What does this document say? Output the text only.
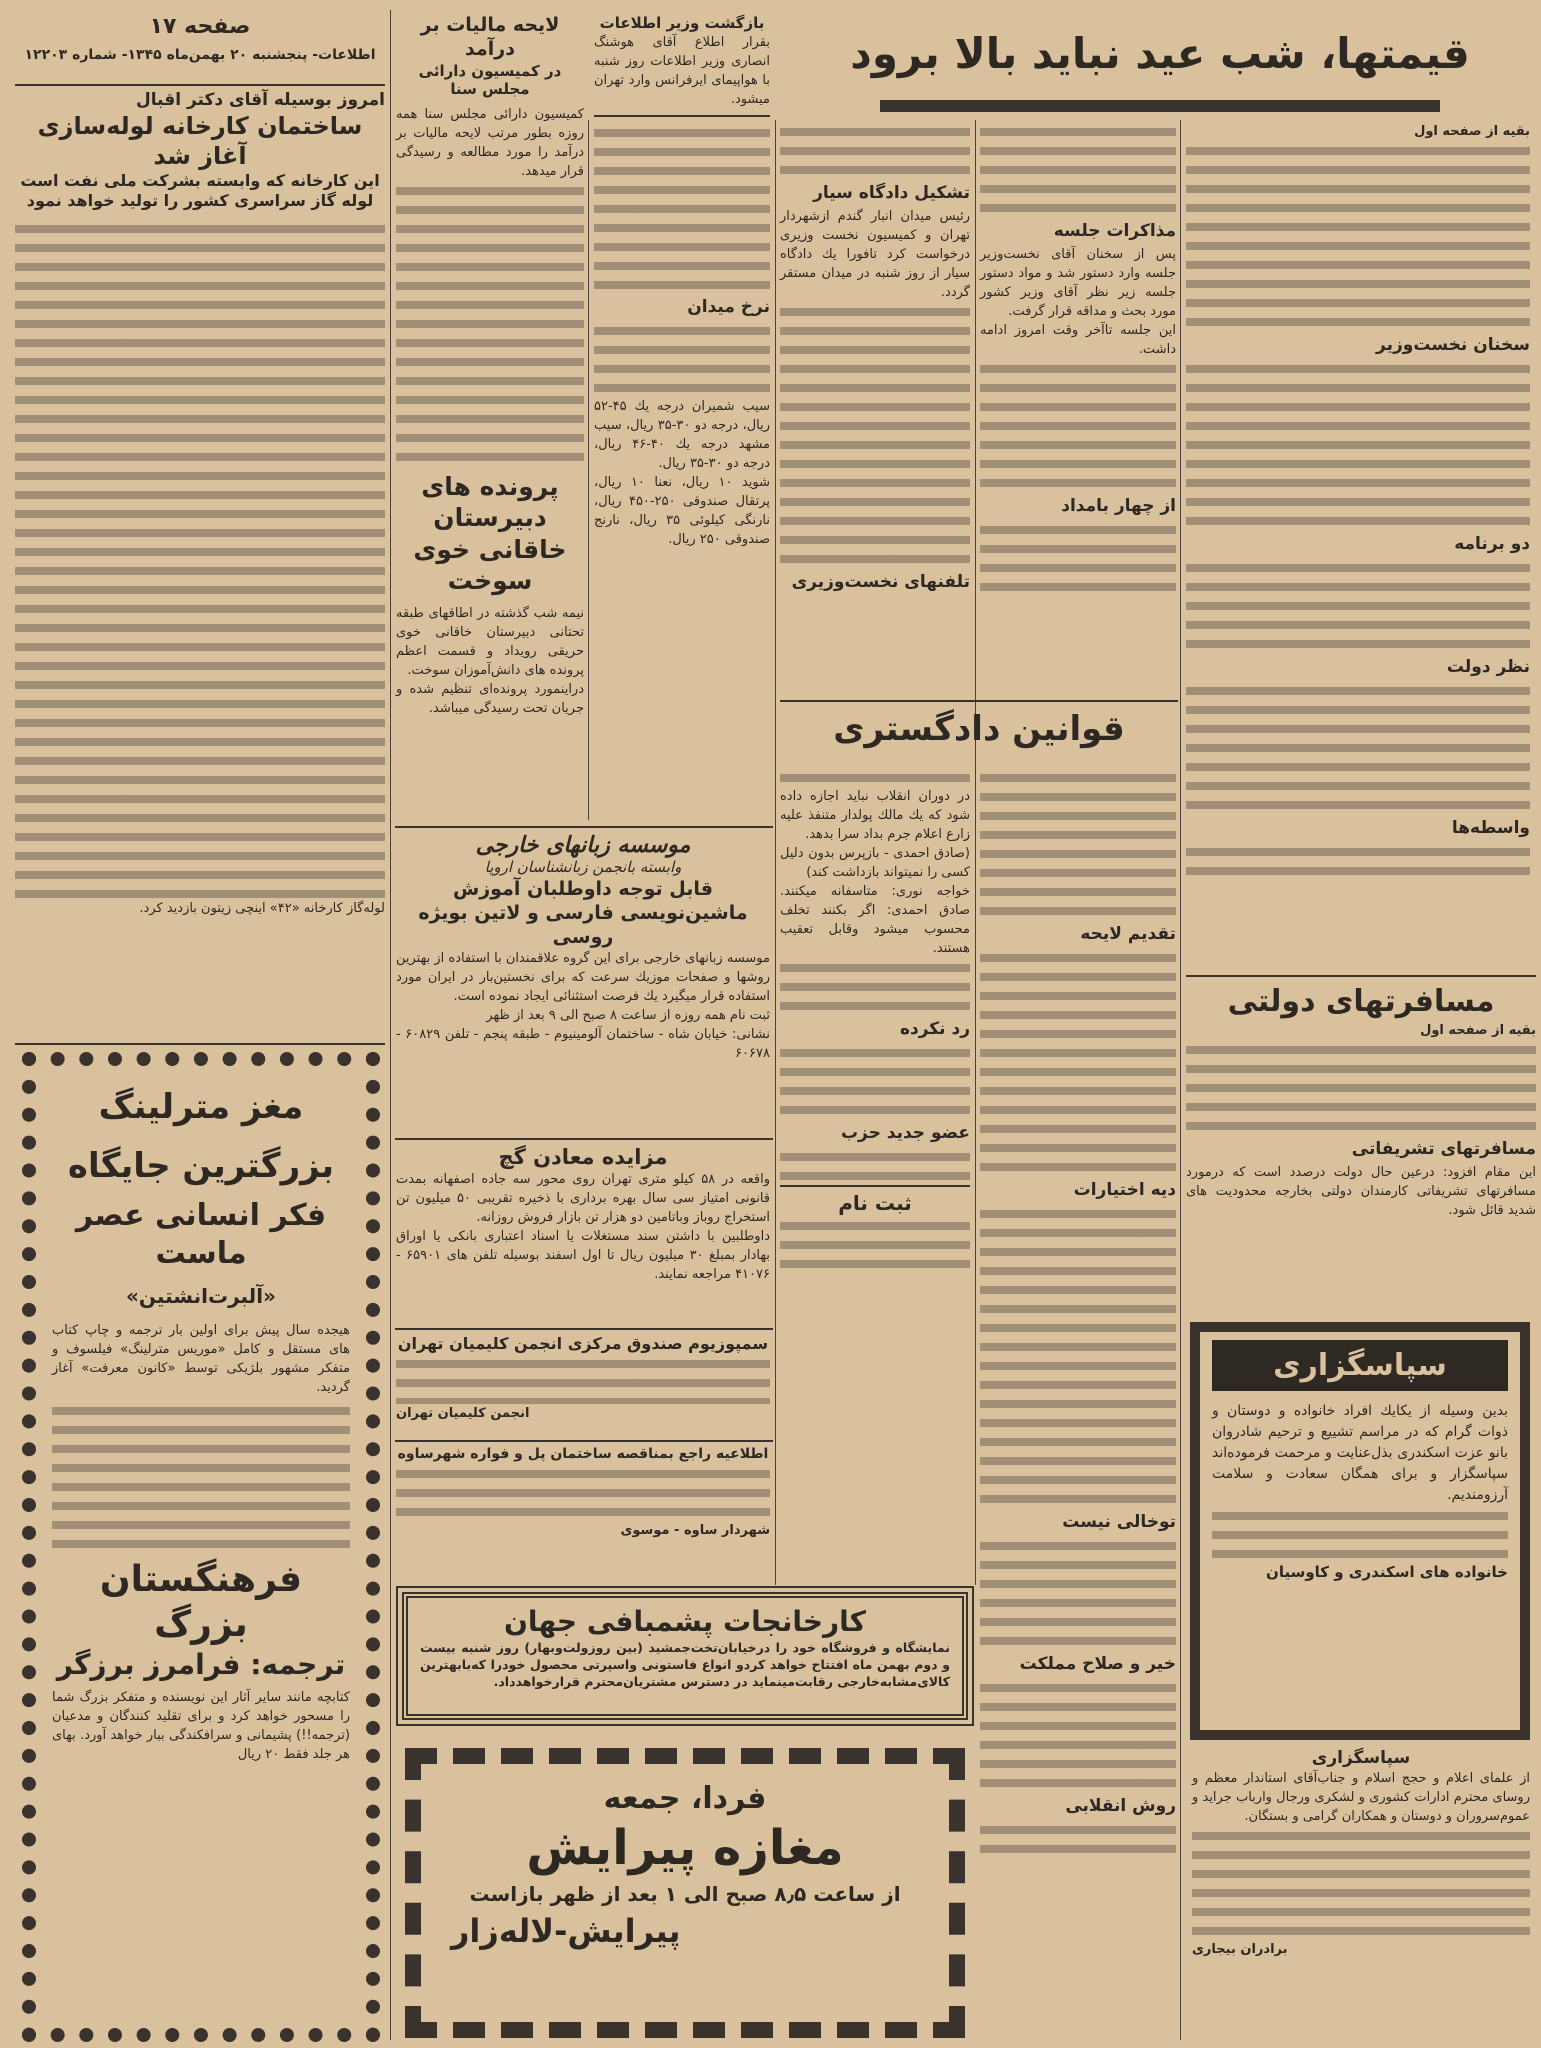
صفحه ۱۷
اطلاعات- پنجشنبه ۲۰ بهمن‌ماه ۱۳۴۵- شماره ۱۲۲۰۳
امروز بوسیله آقای دکتر اقبال
ساختمان کارخانه لوله‌سازی آغاز شد
این کارخانه که وابسته بشرکت ملی نفت است لوله گاز سراسری کشور را تولید خواهد نمود
لوله‌گاز کارخانه «۴۲» اینچی زیتون بازدید کرد.
مغز مترلینگ
بزرگترین جایگاه
فکر انسانی عصر ماست
«آلبرت‌انشتین»
هیجده سال پیش برای اولین بار ترجمه و چاپ کتاب های مستقل و کامل «موریس مترلینگ» فیلسوف و متفکر مشهور بلژیکی توسط «کانون معرفت» آغاز گردید.
فرهنگستان بزرگ
ترجمه: فرامرز برزگر
کتابچه مانند سایر آثار این نویسنده و متفکر بزرگ شما را مسحور خواهد کرد و برای تقلید کنندگان و مدعیان (ترجمه!!) پشیمانی و سرافکندگی ببار خواهد آورد. بهای هر جلد فقط ۲۰ ریال
لایحه مالیات بر درآمد
در کمیسیون دارائی مجلس سنا
کمیسیون دارائی مجلس سنا همه روزه بطور مرتب لایحه مالیات بر درآمد را مورد مطالعه و رسیدگی قرار میدهد.
پرونده های دبیرستان خاقانی خوی سوخت
نیمه شب گذشته در اطاقهای طبقه تحتانی دبیرستان خاقانی خوی حریقی رویداد و قسمت اعظم پرونده های دانش‌آموزان سوخت.
دراینمورد پرونده‌ای تنظیم شده و جریان تحت رسیدگی میباشد.
بازگشت وزیر اطلاعات
بقرار اطلاع آقای هوشنگ انصاری وزیر اطلاعات روز شنبه با هواپیمای ایرفرانس وارد تهران میشود.
نرخ میدان
سیب شمیران درجه یك ۴۵-۵۲ ریال، درجه دو ۳۰-۳۵ ریال، سیب مشهد درجه یك ۴۰-۴۶ ریال، درجه دو ۳۰-۳۵ ریال.
شوید ۱۰ ریال، نعنا ۱۰ ریال، پرتقال صندوقی ۲۵۰-۴۵۰ ریال، نارنگی کیلوئی ۳۵ ریال، نارنج صندوقی ۲۵۰ ریال.
موسسه زبانهای خارجی
وابسته بانجمن زبانشناسان اروپا
قابل توجه داوطلبان آموزش ماشین‌نویسی فارسی و لاتین بویژه روسی
موسسه زبانهای خارجی برای این گروه علاقمندان با استفاده از بهترین روشها و صفحات موزیك سرعت که برای نخستین‌بار در ایران مورد استفاده قرار میگیرد یك فرصت استثنائی ایجاد نموده است.
ثبت نام همه روزه از ساعت ۸ صبح الی ۹ بعد از ظهر
نشانی: خیابان شاه - ساختمان آلومینیوم - طبقه پنجم - تلفن ۶۰۸۲۹ - ۶۰۶۷۸
مزایده معادن گچ
واقعه در ۵۸ کیلو متری تهران روی محور سه جاده اصفهانه بمدت قانونی امتیاز سی سال بهره برداری با ذخیره تقریبی ۵۰ میلیون تن استخراج روباز وباتامین دو هزار تن بازار فروش روزانه.
داوطلبین با داشتن سند مستغلات یا اسناد اعتباری بانکی یا اوراق بهادار بمبلغ ۳۰ میلیون ریال تا اول اسفند بوسیله تلفن های ۶۵۹۰۱ - ۴۱۰۷۶ مراجعه نمایند.
سمپوزیوم صندوق مرکزی انجمن کلیمیان تهران
انجمن کلیمیان تهران
اطلاعیه راجع بمناقصه ساختمان پل و فواره شهرساوه
شهردار ساوه - موسوی
قیمتها، شب عید نباید بالا برود
تشکیل دادگاه سیار
رئیس میدان انبار گندم ازشهردار تهران و کمیسیون نخست وزیری درخواست کرد تافورا یك دادگاه سیار از روز شنبه در میدان مستقر گردد.
تلفنهای نخست‌وزیری
مذاکرات جلسه
پس از سخنان آقای نخست‌وزیر جلسه وارد دستور شد و مواد دستور جلسه زیر نظر آقای وزیر کشور مورد بحث و مداقه قرار گرفت.
این جلسه تاآخر وقت امروز ادامه داشت.
از چهار بامداد
بقیه از صفحه اول
سخنان نخست‌وزیر
دو برنامه
نظر دولت
واسطه‌ها
قوانین دادگستری
در دوران انقلاب نباید اجازه داده شود که یك مالك پولدار متنفذ علیه زارع اعلام جرم بداد سرا بدهد.
(صادق احمدی - بازپرس بدون دلیل کسی را نمیتواند بازداشت کند)
خواجه نوری: متاسفانه میکنند. صادق احمدی: اگر بکنند تخلف محسوب میشود وقابل تعقیب هستند.
رد نکرده
عضو جدید حزب
ثبت نام
تقدیم لایحه
دیه اختیارات
توخالی نیست
خیر و صلاح مملکت
روش انقلابی
مسافرتهای دولتی
بقیه از صفحه اول
مسافرتهای تشریفاتی
این مقام افزود: درعین حال دولت درصدد است که درمورد مسافرتهای تشریفاتی کارمندان دولتی بخارجه محدودیت های شدید قائل شود.
سپاسگزاری
بدین وسیله از یکایك افراد خانواده و دوستان و ذوات گرام که در مراسم تشییع و ترحیم شادروان بانو عزت اسکندری بذل‌عنایت و مرحمت فرموده‌اند سپاسگزار و برای همگان سعادت و سلامت آرزومندیم.
خانواده های اسکندری و کاوسیان
سپاسگزاری
از علمای اعلام و حجج اسلام و جناب‌آقای استاندار معظم و روسای محترم ادارات کشوری و لشکری ورجال وارباب جراید و عموم‌سروران و دوستان و همکاران گرامی و بستگان.
برادران بیجاری
کارخانجات پشمبافی جهان
نمایشگاه و فروشگاه خود را درخیابان‌تخت‌جمشید (بین روزولت‌وبهار) روز شنبه بیست و دوم بهمن ماه افتتاح خواهد کردو انواع فاستونی واسپرتی محصول خودرا که‌بابهترین کالای‌مشابه‌خارجی رقابت‌مینماید در دسترس مشتریان‌محترم قرارخواهدداد.
فردا، جمعه
مغازه پیرایش
از ساعت ۸٫۵ صبح الی ۱ بعد از ظهر بازاست
پیرایش-لاله‌زار
